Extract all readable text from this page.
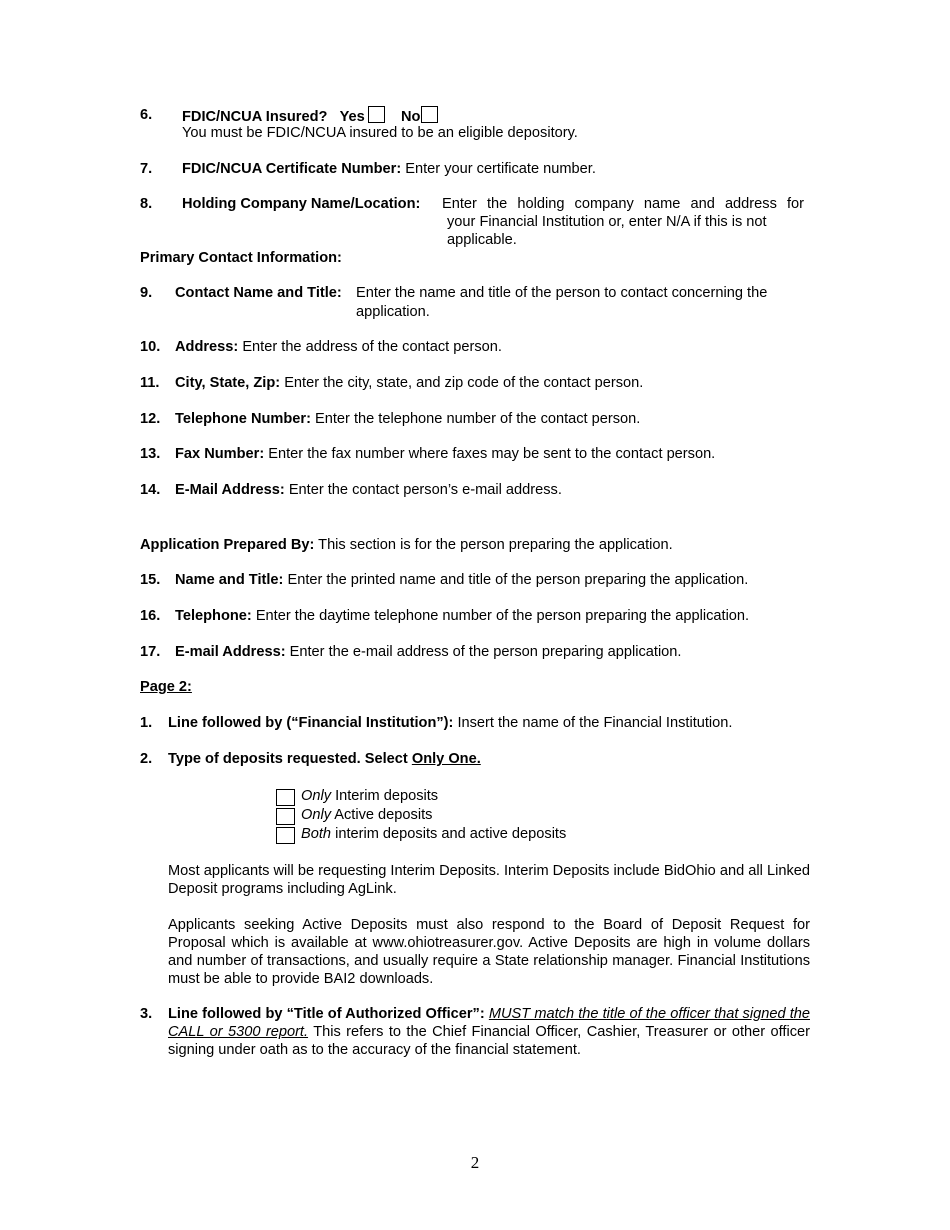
6. FDIC/NCUA Insured? Yes No
You must be FDIC/NCUA insured to be an eligible depository.
7. FDIC/NCUA Certificate Number: Enter your certificate number.
8. Holding Company Name/Location: Enter the holding company name and address for
your Financial Institution or, enter N/A if this is not
applicable.
Primary Contact Information:
9. Contact Name and Title: Enter the name and title of the person to contact concerning the
application.
10. Address: Enter the address of the contact person.
11. City, State, Zip: Enter the city, state, and zip code of the contact person.
12. Telephone Number: Enter the telephone number of the contact person.
13. Fax Number: Enter the fax number where faxes may be sent to the contact person.
14. E-Mail Address: Enter the contact person’s e-mail address.
Application Prepared By: This section is for the person preparing the application.
15. Name and Title: Enter the printed name and title of the person preparing the application.
16. Telephone: Enter the daytime telephone number of the person preparing the application.
17. E-mail Address: Enter the e-mail address of the person preparing application.
Page 2:
1. Line followed by (“Financial Institution”): Insert the name of the Financial Institution.
2. Type of deposits requested. Select Only One.
Only Interim deposits
Only Active deposits
Both interim deposits and active deposits
Most applicants will be requesting Interim Deposits. Interim Deposits include BidOhio and all Linked Deposit programs including AgLink.
Applicants seeking Active Deposits must also respond to the Board of Deposit Request for Proposal which is available at www.ohiotreasurer.gov. Active Deposits are high in volume dollars and number of transactions, and usually require a State relationship manager. Financial Institutions must be able to provide BAI2 downloads.
3. Line followed by “Title of Authorized Officer”: MUST match the title of the officer that signed the CALL or 5300 report. This refers to the Chief Financial Officer, Cashier, Treasurer or other officer signing under oath as to the accuracy of the financial statement.
2
